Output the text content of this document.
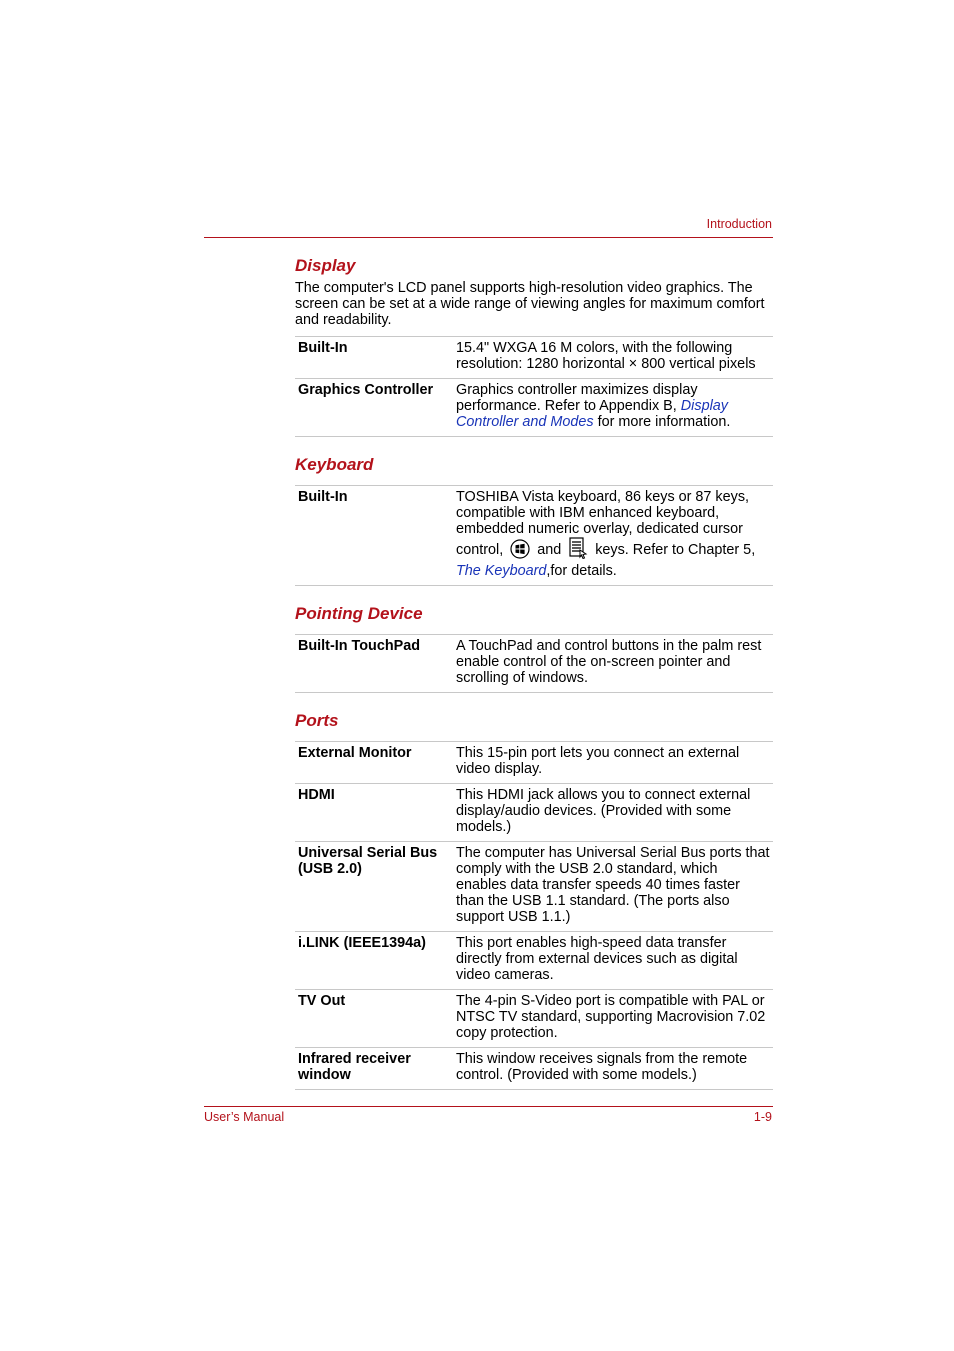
Introduction
Display

The computer's LCD panel supports high-resolution video graphics. The screen can be set at a wide range of viewing angles for maximum comfort and readability.

Built-In	15.4" WXGA 16 M colors, with the following resolution: 1280 horizontal × 800 vertical pixels
Graphics Controller	Graphics controller maximizes display performance. Refer to Appendix B, Display Controller and Modes for more information.
Keyboard
Built-In	TOSHIBA Vista keyboard, 86 keys or 87 keys, compatible with IBM enhanced keyboard, embedded numeric overlay, dedicated cursor control,  and  keys. Refer to Chapter 5, The Keyboard,for details.
Pointing Device
Built-In TouchPad	A TouchPad and control buttons in the palm rest enable control of the on-screen pointer and scrolling of windows.
Ports
External Monitor	This 15-pin port lets you connect an external video display.
HDMI	This HDMI jack allows you to connect external display/audio devices. (Provided with some models.)
Universal Serial Bus (USB 2.0)	The computer has Universal Serial Bus ports that comply with the USB 2.0 standard, which enables data transfer speeds 40 times faster than the USB 1.1 standard. (The ports also support USB 1.1.)
i.LINK (IEEE1394a)	This port enables high-speed data transfer directly from external devices such as digital video cameras.
TV Out	The 4-pin S-Video port is compatible with PAL or NTSC TV standard, supporting Macrovision 7.02 copy protection.
Infrared receiver window	This window receives signals from the remote control. (Provided with some models.)
User’s Manual	1-9
